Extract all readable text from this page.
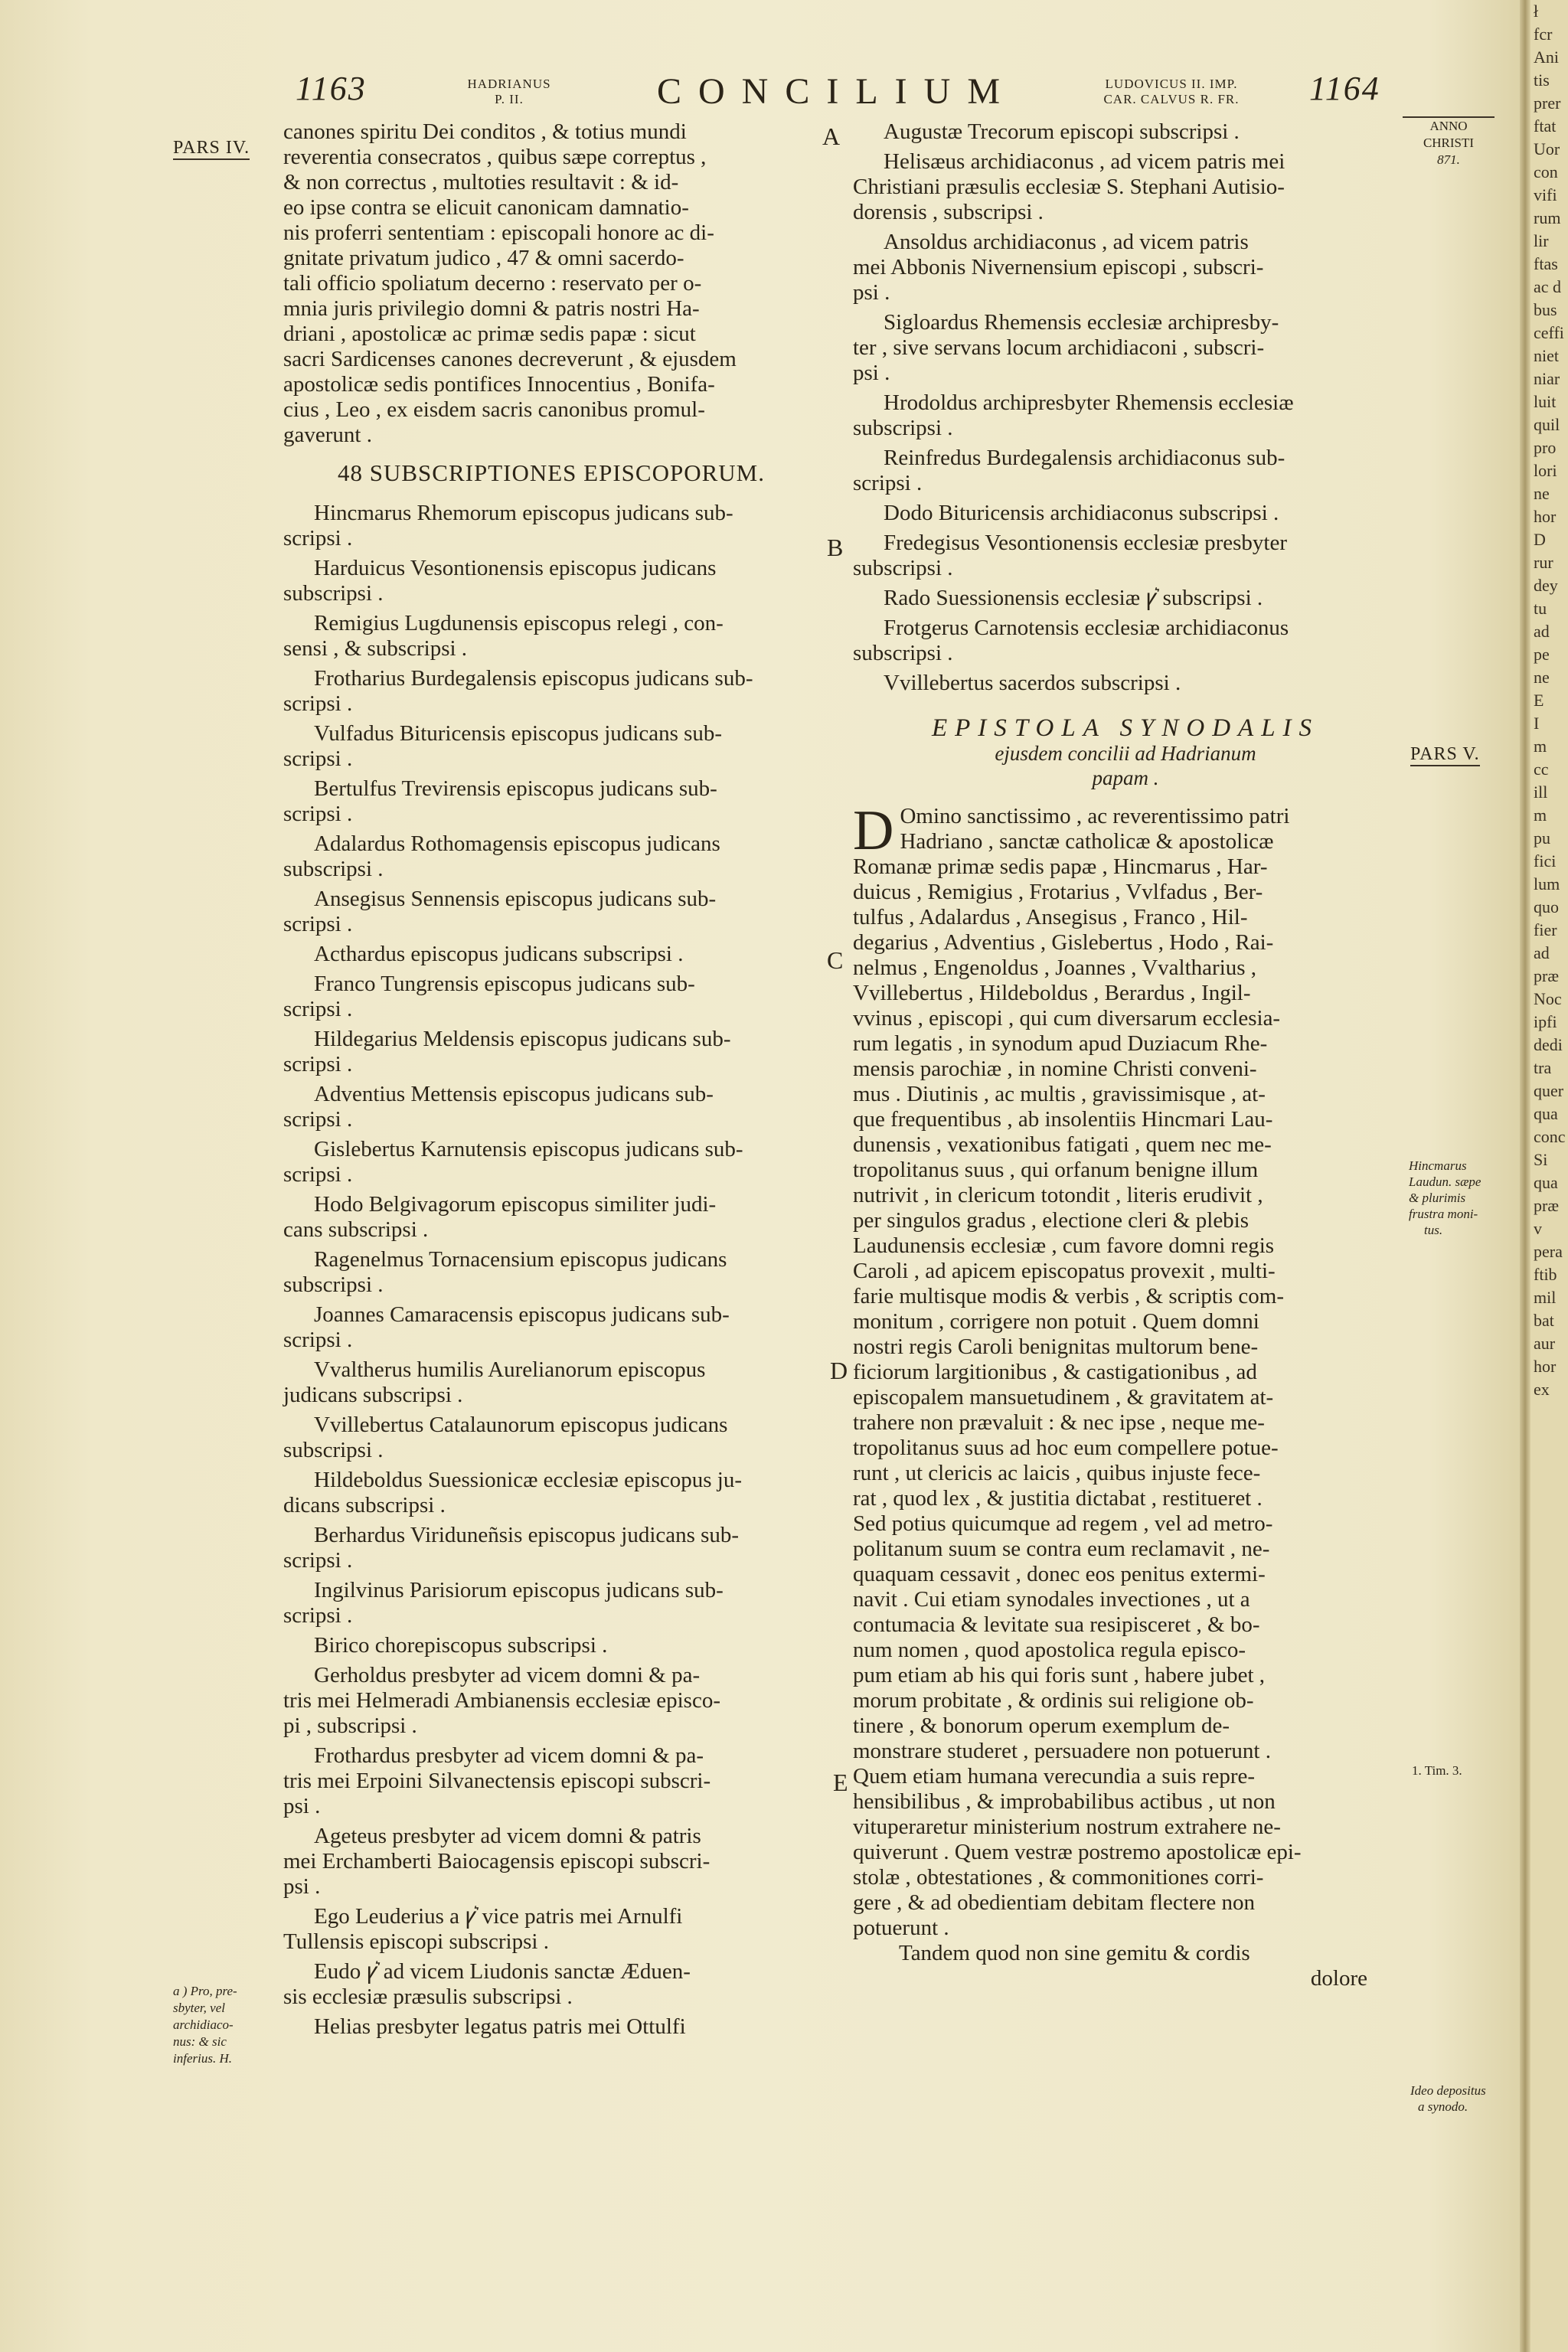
1163	HADRIANUS
P. II.	CONCILIUM	LUDOVICUS II. IMP.
CAR. CALVUS R. FR.	1164
PARS IV.
ANNO
CHRISTI
871.
PARS V.
A
B
C
D
E
Hincmarus
Laudun. sæpe
& plurimis
frustra moni-
tus.
1. Tim. 3.
Ideo depositus
a synodo.
a ) Pro, pre-
sbyter, vel
archidiaco-
nus: & sic
inferius. H.

canones spiritu Dei conditos , & totius mundi

reverentia consecratos , quibus sæpe correptus ,

& non correctus , multoties resultavit : & id-

eo ipse contra se elicuit canonicam damnatio-

nis proferri sententiam : episcopali honore ac di-

gnitate privatum judico , 47 & omni sacerdo-

tali officio spoliatum decerno : reservato per o-

mnia juris privilegio domni & patris nostri Ha-

driani , apostolicæ ac primæ sedis papæ : sicut

sacri Sardicenses canones decreverunt , & ejusdem

apostolicæ sedis pontifices Innocentius , Bonifa-

cius , Leo , ex eisdem sacris canonibus promul-

gaverunt .

48 SUBSCRIPTIONES EPISCOPORUM.

Hincmarus Rhemorum episcopus judicans sub-

scripsi .

Harduicus Vesontionensis episcopus judicans

subscripsi .

Remigius Lugdunensis episcopus relegi , con-

sensi , & subscripsi .

Frotharius Burdegalensis episcopus judicans sub-

scripsi .

Vulfadus Bituricensis episcopus judicans sub-

scripsi .

Bertulfus Trevirensis episcopus judicans sub-

scripsi .

Adalardus Rothomagensis episcopus judicans

subscripsi .

Ansegisus Sennensis episcopus judicans sub-

scripsi .

Acthardus episcopus judicans subscripsi .

Franco Tungrensis episcopus judicans sub-

scripsi .

Hildegarius Meldensis episcopus judicans sub-

scripsi .

Adventius Mettensis episcopus judicans sub-

scripsi .

Gislebertus Karnutensis episcopus judicans sub-

scripsi .

Hodo Belgivagorum episcopus similiter judi-

cans subscripsi .

Ragenelmus Tornacensium episcopus judicans

subscripsi .

Joannes Camaracensis episcopus judicans sub-

scripsi .

Vvaltherus humilis Aurelianorum episcopus

judicans subscripsi .

Vvillebertus Catalaunorum episcopus judicans

subscripsi .

Hildeboldus Suessionicæ ecclesiæ episcopus ju-

dicans subscripsi .

Berhardus Viriduneñsis episcopus judicans sub-

scripsi .

Ingilvinus Parisiorum episcopus judicans sub-

scripsi .

Birico chorepiscopus subscripsi .

Gerholdus presbyter ad vicem domni & pa-

tris mei Helmeradi Ambianensis ecclesiæ episco-

pi , subscripsi .

Frothardus presbyter ad vicem domni & pa-

tris mei Erpoini Silvanectensis episcopi subscri-

psi .

Ageteus presbyter ad vicem domni & patris

mei Erchamberti Baiocagensis episcopi subscri-

psi .

Ego Leuderius a ꝩ͛ vice patris mei Arnulfi

Tullensis episcopi subscripsi .

Eudo ꝩ͛ ad vicem Liudonis sanctæ Æduen-

sis ecclesiæ præsulis subscripsi .

Helias presbyter legatus patris mei Ottulfi

Augustæ Trecorum episcopi subscripsi .

Helisæus archidiaconus , ad vicem patris mei

Christiani præsulis ecclesiæ S. Stephani Autisio-

dorensis , subscripsi .

Ansoldus archidiaconus , ad vicem patris

mei Abbonis Nivernensium episcopi , subscri-

psi .

Sigloardus Rhemensis ecclesiæ archipresby-

ter , sive servans locum archidiaconi , subscri-

psi .

Hrodoldus archipresbyter Rhemensis ecclesiæ

subscripsi .

Reinfredus Burdegalensis archidiaconus sub-

scripsi .

Dodo Bituricensis archidiaconus subscripsi .

Fredegisus Vesontionensis ecclesiæ presbyter

subscripsi .

Rado Suessionensis ecclesiæ ꝩ͛ subscripsi .

Frotgerus Carnotensis ecclesiæ archidiaconus

subscripsi .

Vvillebertus sacerdos subscripsi .

EPISTOLA SYNODALIS

ejusdem concilii ad Hadrianum

papam .

D Omino sanctissimo , ac reverentissimo patri

Hadriano , sanctæ catholicæ & apostolicæ

Romanæ primæ sedis papæ , Hincmarus , Har-

duicus , Remigius , Frotarius , Vvlfadus , Ber-

tulfus , Adalardus , Ansegisus , Franco , Hil-

degarius , Adventius , Gislebertus , Hodo , Rai-

nelmus , Engenoldus , Joannes , Vvaltharius ,

Vvillebertus , Hildeboldus , Berardus , Ingil-

vvinus , episcopi , qui cum diversarum ecclesia-

rum legatis , in synodum apud Duziacum Rhe-

mensis parochiæ , in nomine Christi conveni-

mus . Diutinis , ac multis , gravissimisque , at-

que frequentibus , ab insolentiis Hincmari Lau-

dunensis , vexationibus fatigati , quem nec me-

tropolitanus suus , qui orfanum benigne illum

nutrivit , in clericum totondit , literis erudivit ,

per singulos gradus , electione cleri & plebis

Laudunensis ecclesiæ , cum favore domni regis

Caroli , ad apicem episcopatus provexit , multi-

farie multisque modis & verbis , & scriptis com-

monitum , corrigere non potuit . Quem domni

nostri regis Caroli benignitas multorum bene-

ficiorum largitionibus , & castigationibus , ad

episcopalem mansuetudinem , & gravitatem at-

trahere non prævaluit : & nec ipse , neque me-

tropolitanus suus ad hoc eum compellere potue-

runt , ut clericis ac laicis , quibus injuste fece-

rat , quod lex , & justitia dictabat , restitueret .

Sed potius quicumque ad regem , vel ad metro-

politanum suum se contra eum reclamavit , ne-

quaquam cessavit , donec eos penitus extermi-

navit . Cui etiam synodales invectiones , ut a

contumacia & levitate sua resipisceret , & bo-

num nomen , quod apostolica regula episco-

pum etiam ab his qui foris sunt , habere jubet ,

morum probitate , & ordinis sui religione ob-

tinere , & bonorum operum exemplum de-

monstrare studeret , persuadere non potuerunt .

Quem etiam humana verecundia a suis repre-

hensibilibus , & improbabilibus actibus , ut non

vituperaretur ministerium nostrum extrahere ne-

quiverunt . Quem vestræ postremo apostolicæ epi-

stolæ , obtestationes , & commonitiones corri-

gere , & ad obedientiam debitam flectere non

potuerunt .

Tandem quod non sine gemitu & cordis

dolore

ł
fcr
Ani
tis
prer
ftat
Uor
con
vifi
rum
lir
ftas
ac d
bus
ceffi
niet
niar
luit
quil
pro
lori
ne
hor
D
rur
dey
tu
ad
pe
ne
E
I
m
cc
ill
m
pu
fici
lum
quo
fier
ad
præ
Noc
ipfi
dedi
tra
quer
qua
conc
Si
qua
præ
v
pera
ftib
mil
bat
aur
hor
ex
